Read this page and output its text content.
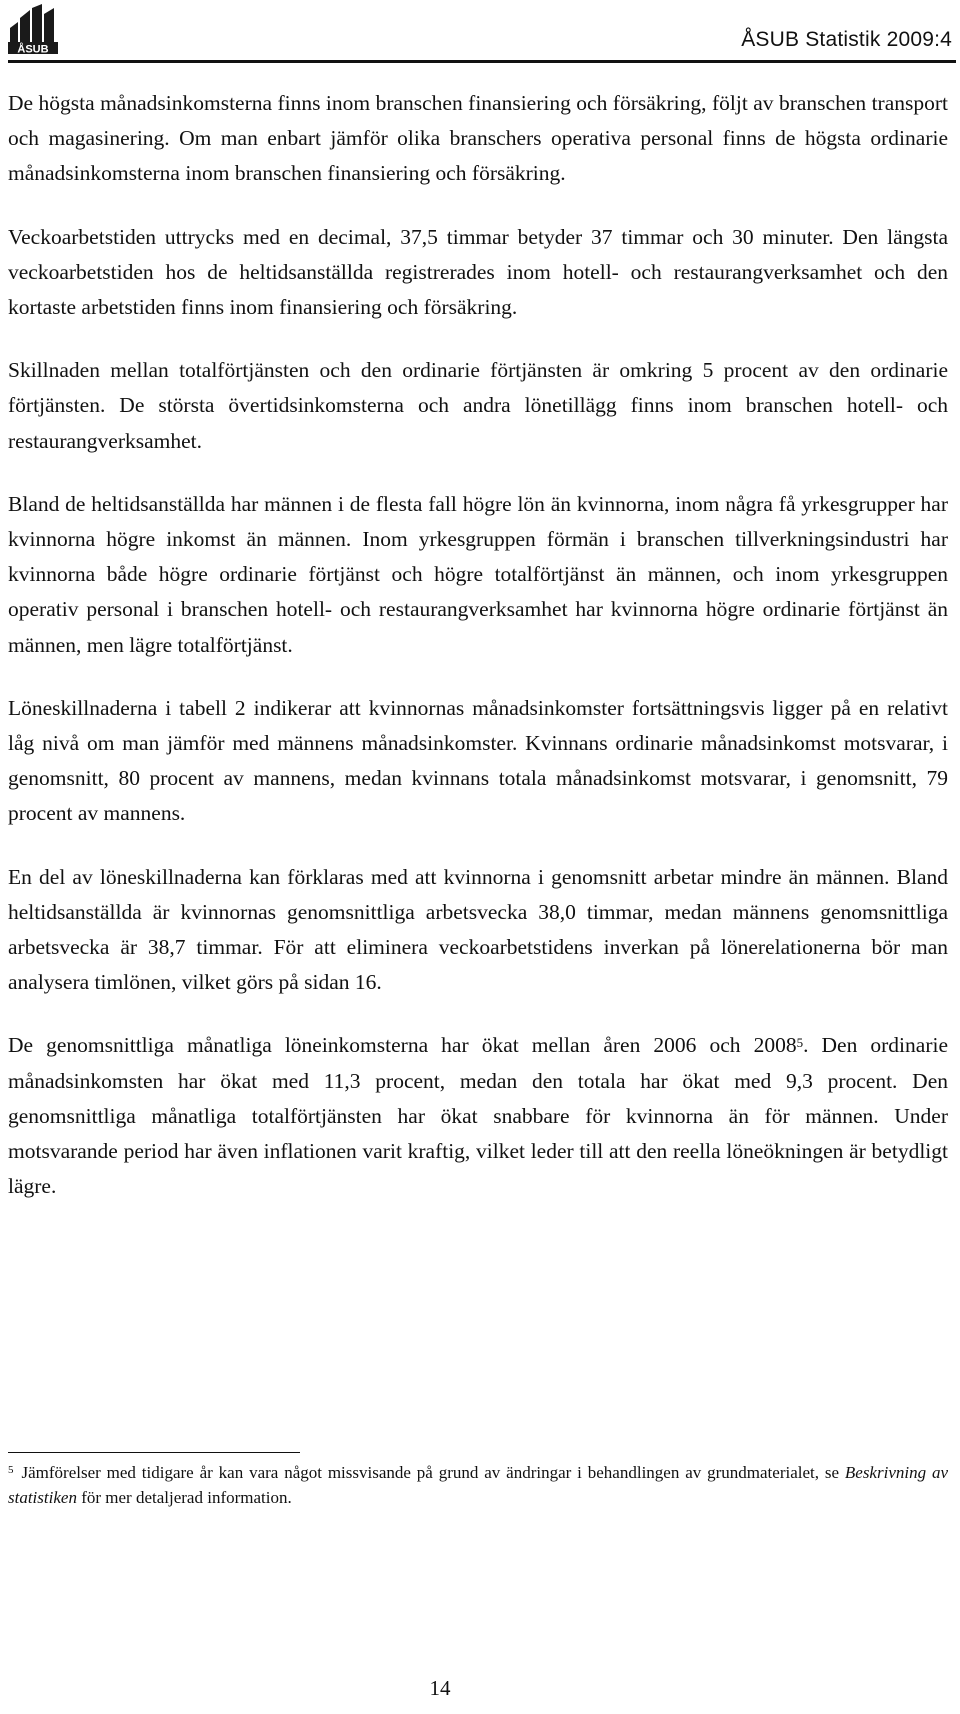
ÅSUB	ÅSUB Statistik 2009:4

De högsta månadsinkomsterna finns inom branschen finansiering och försäkring, följt av branschen transport och magasinering. Om man enbart jämför olika branschers operativa personal finns de högsta ordinarie månadsinkomsterna inom branschen finansiering och försäkring.

Veckoarbetstiden uttrycks med en decimal, 37,5 timmar betyder 37 timmar och 30 minuter. Den längsta veckoarbetstiden hos de heltidsanställda registrerades inom hotell- och restaurangverksamhet och den kortaste arbetstiden finns inom finansiering och försäkring.

Skillnaden mellan totalförtjänsten och den ordinarie förtjänsten är omkring 5 procent av den ordinarie förtjänsten. De största övertidsinkomsterna och andra lönetillägg finns inom branschen hotell- och restaurangverksamhet.

Bland de heltidsanställda har männen i de flesta fall högre lön än kvinnorna, inom några få yrkesgrupper har kvinnorna högre inkomst än männen. Inom yrkesgruppen förmän i branschen tillverkningsindustri har kvinnorna både högre ordinarie förtjänst och högre totalförtjänst än männen, och inom yrkesgruppen operativ personal i branschen hotell- och restaurangverksamhet har kvinnorna högre ordinarie förtjänst än männen, men lägre totalförtjänst.

Löneskillnaderna i tabell 2 indikerar att kvinnornas månadsinkomster fortsättningsvis ligger på en relativt låg nivå om man jämför med männens månadsinkomster. Kvinnans ordinarie månadsinkomst motsvarar, i genomsnitt, 80 procent av mannens, medan kvinnans totala månadsinkomst motsvarar, i genomsnitt, 79 procent av mannens.

En del av löneskillnaderna kan förklaras med att kvinnorna i genomsnitt arbetar mindre än männen. Bland heltidsanställda är kvinnornas genomsnittliga arbetsvecka 38,0 timmar, medan männens genomsnittliga arbetsvecka är 38,7 timmar. För att eliminera veckoarbetstidens inverkan på lönerelationerna bör man analysera timlönen, vilket görs på sidan 16.

De genomsnittliga månatliga löneinkomsterna har ökat mellan åren 2006 och 2008$^5$. Den ordinarie månadsinkomsten har ökat med 11,3 procent, medan den totala har ökat med 9,3 procent. Den genomsnittliga månatliga totalförtjänsten har ökat snabbare för kvinnorna än för männen. Under motsvarande period har även inflationen varit kraftig, vilket leder till att den reella löneökningen är betydligt lägre.

$^5$ Jämförelser med tidigare år kan vara något missvisande på grund av ändringar i behandlingen av grundmaterialet, se Beskrivning av statistiken för mer detaljerad information.
14
